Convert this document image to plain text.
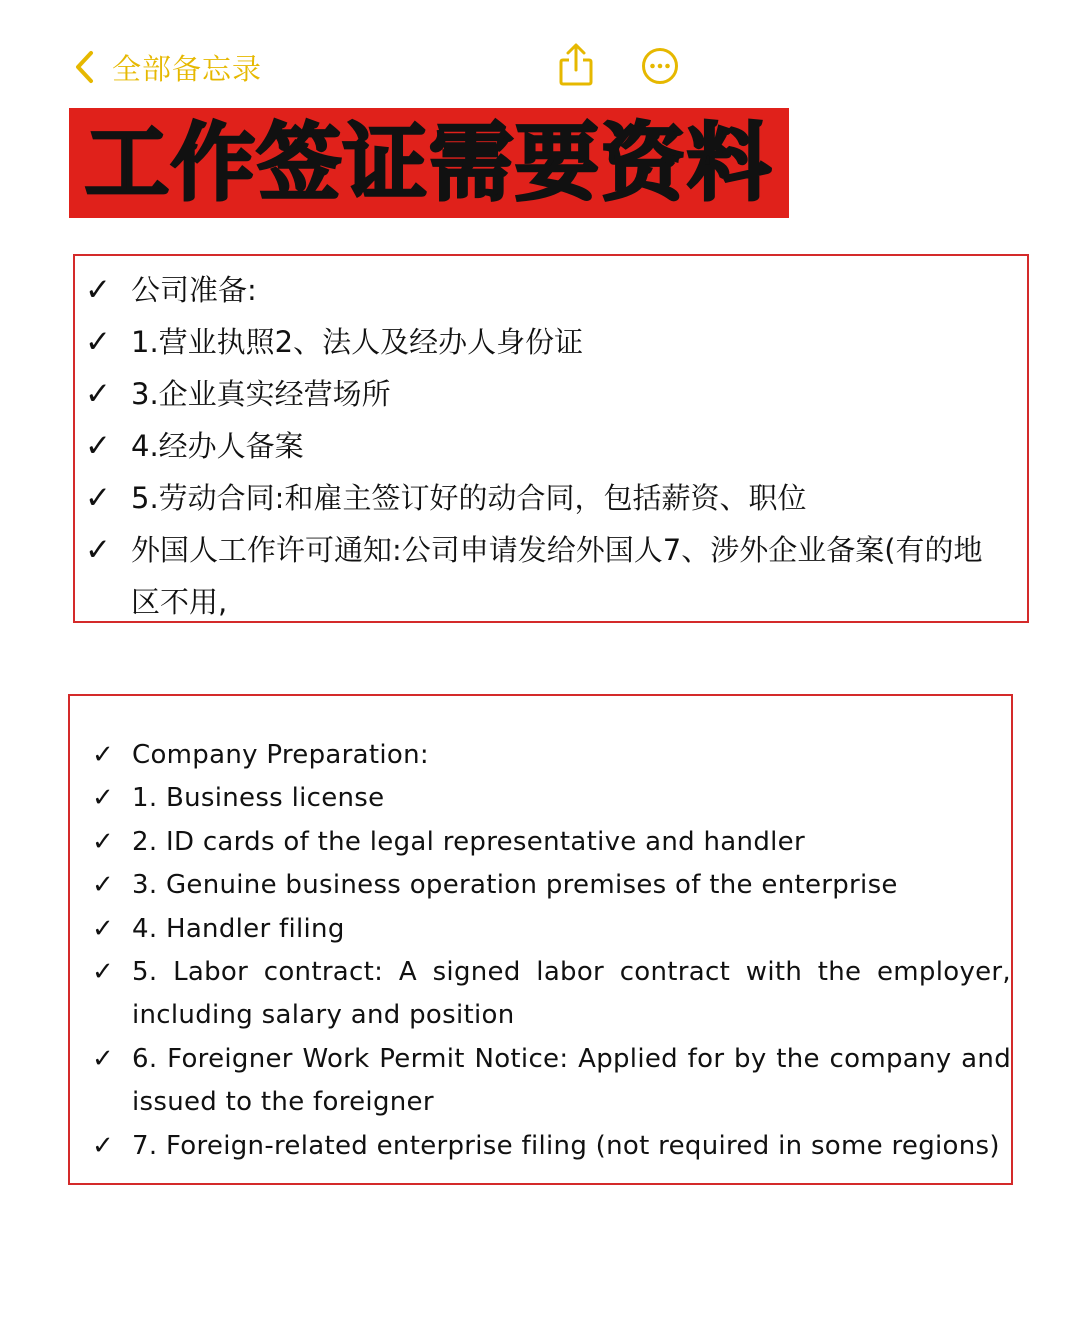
全部备忘录
工作签证需要资料
✓ 公司准备:
✓ 1.营业执照2、法人及经办人身份证
✓ 3.企业真实经营场所
✓ 4.经办人备案
✓ 5.劳动合同:和雇主签订好的动合同，包括薪资、职位
✓ 外国人工作许可通知:公司申请发给外国人7、涉外企业备案(有的地区不用,
✓ Company Preparation:
✓ 1. Business license
✓ 2. ID cards of the legal representative and handler
✓ 3. Genuine business operation premises of the enterprise
✓ 4. Handler filing
✓ 5. Labor contract: A signed labor contract with the employer, including salary and position
✓ 6. Foreigner Work Permit Notice: Applied for by the company and issued to the foreigner
✓ 7. Foreign-related enterprise filing (not required in some regions)
